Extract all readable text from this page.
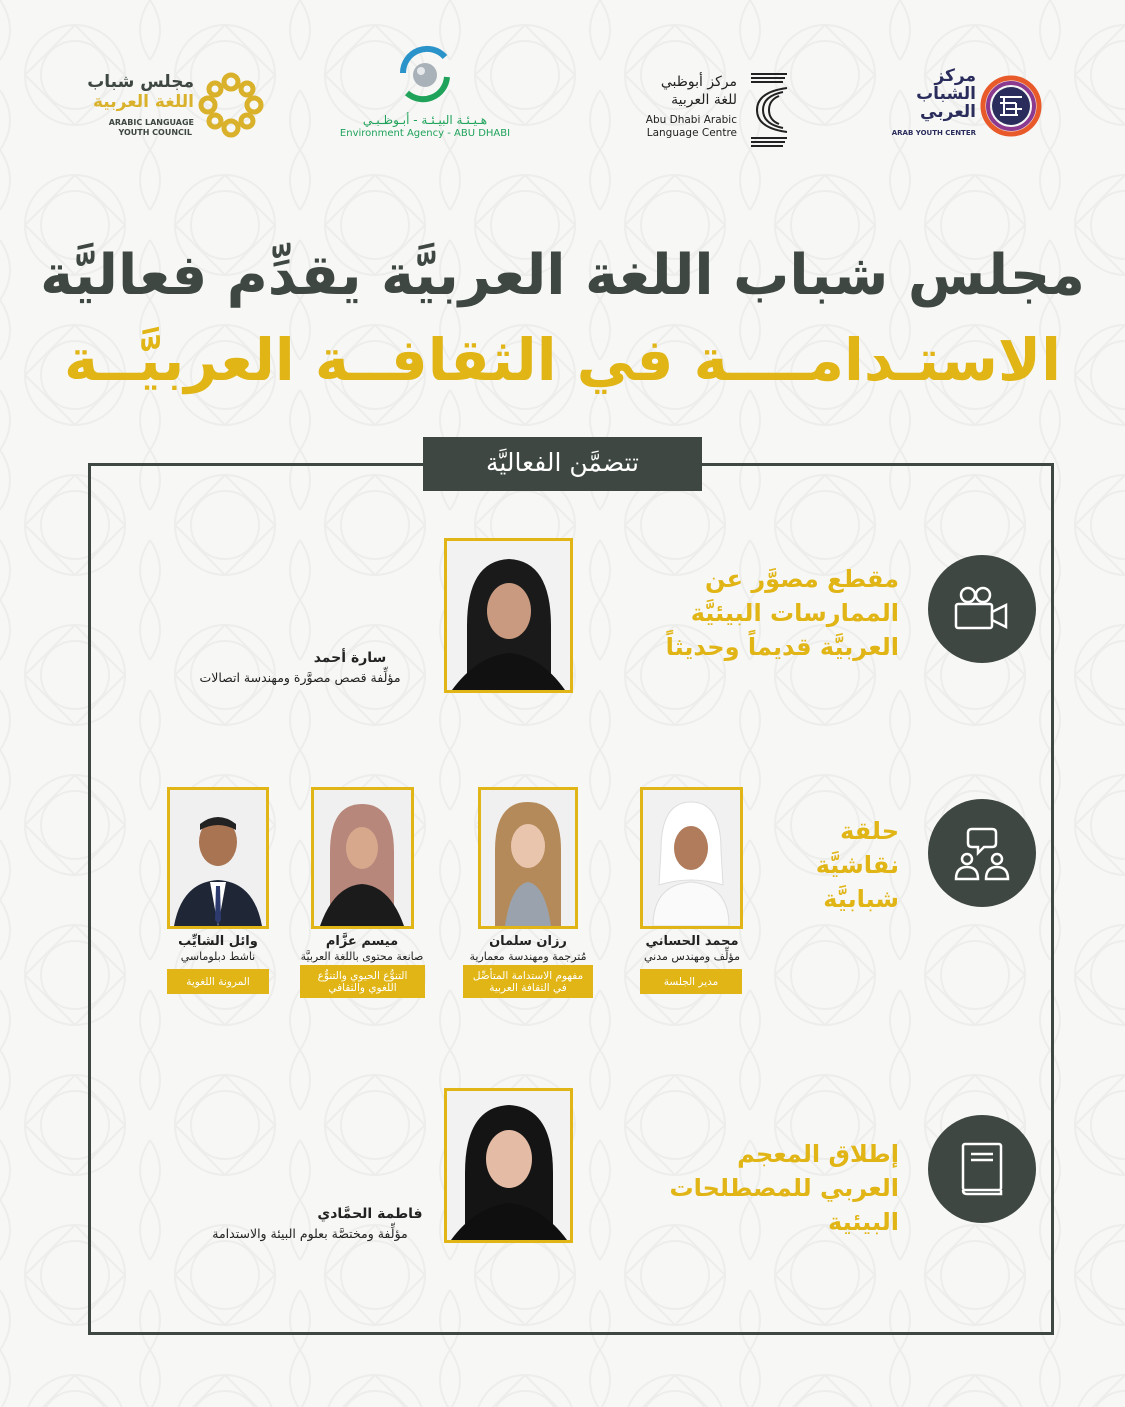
مجلس شباب
اللغة العربية
ARABIC LANGUAGE
YOUTH COUNCIL
هـيـئـة البيـئـة - أبـوظـبـي
Environment Agency - ABU DHABI
مركز أبوظبي
للغة العربية
Abu Dhabi Arabic
Language Centre
مركز
الشباب
العربي
ARAB YOUTH CENTER
مجلس شباب اللغة العربيَّة يقدِّم فعاليَّة
الاستـدامــــة في الثقافــة العربيَّــة
تتضمَّن الفعاليَّة
مقطع مصوَّر عن
الممارسات البيئيَّة
العربيَّة قديماً وحديثاً
سارة أحمد
مؤلِّفة قصص مصوَّرة ومهندسة اتصالات
حلقة
نقاشيَّة
شبابيَّة
محمد الحساني
مؤلِّف ومهندس مدني
مدير الجلسة
رزان سلمان
مُترجمة ومهندسة معمارية
مفهوم الاستدامة المتأصِّل في الثقافة العربية
ميسم عزَّام
صانعة محتوى باللغة العربيَّة
التنوُّع الحيوي والتنوُّع اللغوي والثقافي
وائل الشايِّب
ناشط دبلوماسي
المرونة اللغوية
إطلاق المعجم
العربي للمصطلحات
البيئية
فاطمة الحمَّادي
مؤلِّفة ومختصَّة بعلوم البيئة والاستدامة
